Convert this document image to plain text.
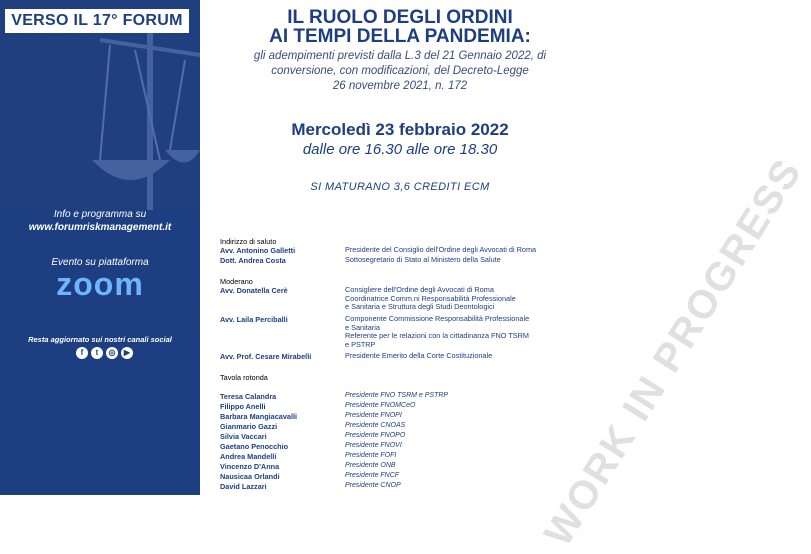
VERSO IL 17° FORUM
Info e programma su
www.forumriskmanagement.it
Evento su piattaforma
zoom
Resta aggiornato sui nostri canali social
f	t	◎	▶	WORK IN PROGRESS
IL RUOLO DEGLI ORDINI
AI TEMPI DELLA PANDEMIA:
gli adempimenti previsti dalla L.3 del 21 Gennaio 2022, di
conversione, con modificazioni, del Decreto-Legge
26 novembre 2021, n. 172
Mercoledì 23 febbraio 2022
dalle ore 16.30 alle ore 18.30
SI MATURANO 3,6 CREDITI ECM
Indirizzo di saluto
Avv. Antonino Galletti	Presidente del Consiglio dell'Ordine degli Avvocati di Roma
Dott. Andrea Costa	Sottosegretario di Stato al Ministero della Salute
Moderano
Avv. Donatella Cerè	Consigliere dell'Ordine degli Avvocati di Roma
Coordinatrice Comm.ni Responsabilità Professionale
e Sanitaria e Struttura degli Studi Deontologici
Avv. Laila Perciballi	Componente Commissione Responsabilità Professionale
e Sanitaria
Referente per le relazioni con la cittadinanza FNO TSRM
e PSTRP
Avv. Prof. Cesare Mirabelli	Presidente Emerito della Corte Costituzionale
Tavola rotonda
Teresa Calandra	Presidente FNO TSRM e PSTRP
Filippo Anelli	Presidente FNOMCeO
Barbara Mangiacavalli	Presidente FNOPI
Gianmario Gazzi	Presidente CNOAS
Silvia Vaccari	Presidente FNOPO
Gaetano Penocchio	Presidente FNOVI
Andrea Mandelli	Presidente FOFI
Vincenzo D'Anna	Presidente ONB
Nausicaa Orlandi	Presidente FNCF
David Lazzari	Presidente CNOP
